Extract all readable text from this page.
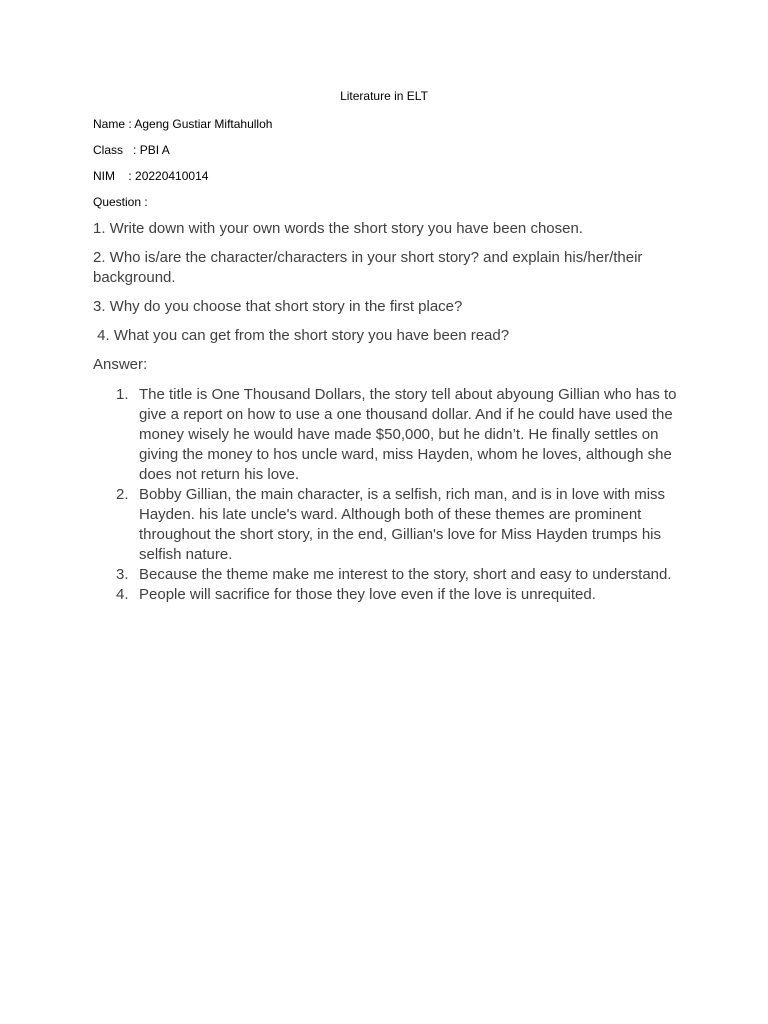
Literature in ELT
Name : Ageng Gustiar Miftahulloh
Class   : PBI A
NIM    : 20220410014
Question :
1. Write down with your own words the short story you have been chosen.
2. Who is/are the character/characters in your short story? and explain his/her/their background.
3. Why do you choose that short story in the first place?
4. What you can get from the short story you have been read?
Answer:
1. The title is One Thousand Dollars, the story tell about abyoung Gillian who has to give a report on how to use a one thousand dollar. And if he could have used the money wisely he would have made $50,000, but he didn’t. He finally settles on giving the money to hos uncle ward, miss Hayden, whom he loves, although she does not return his love.
2. Bobby Gillian, the main character, is a selfish, rich man, and is in love with miss Hayden. his late uncle's ward. Although both of these themes are prominent throughout the short story, in the end, Gillian's love for Miss Hayden trumps his selfish nature.
3. Because the theme make me interest to the story, short and easy to understand.
4. People will sacrifice for those they love even if the love is unrequited.
